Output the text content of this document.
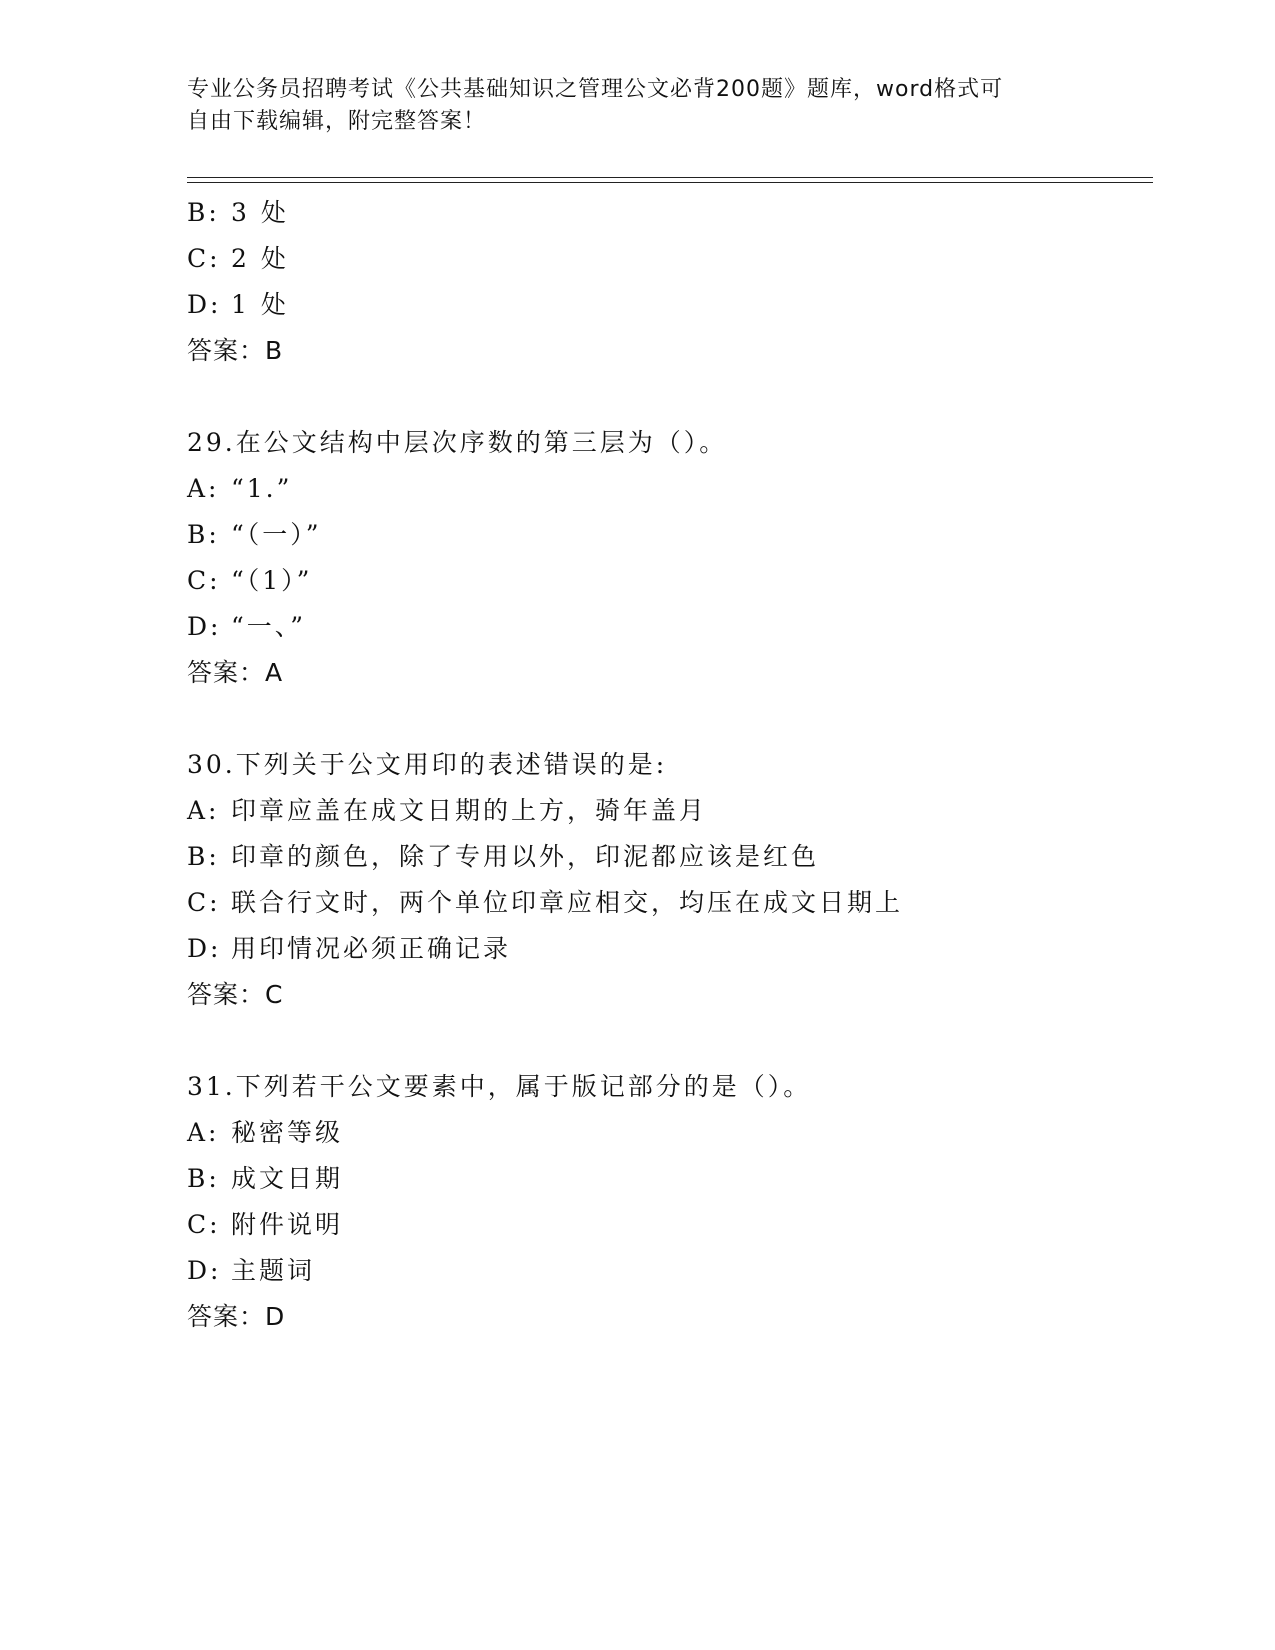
专业公务员招聘考试《公共基础知识之管理公文必背200题》题库，word格式可
自由下载编辑，附完整答案！
B: 3 处
C: 2 处
D: 1 处
答案：B
29.在公文结构中层次序数的第三层为（）。
A: “1.”
B: “（一）”
C: “（1）”
D: “一、”
答案：A
30.下列关于公文用印的表述错误的是:
A: 印章应盖在成文日期的上方，骑年盖月
B: 印章的颜色，除了专用以外，印泥都应该是红色
C: 联合行文时，两个单位印章应相交，均压在成文日期上
D: 用印情况必须正确记录
答案：C
31.下列若干公文要素中，属于版记部分的是（）。
A: 秘密等级
B: 成文日期
C: 附件说明
D: 主题词
答案：D
